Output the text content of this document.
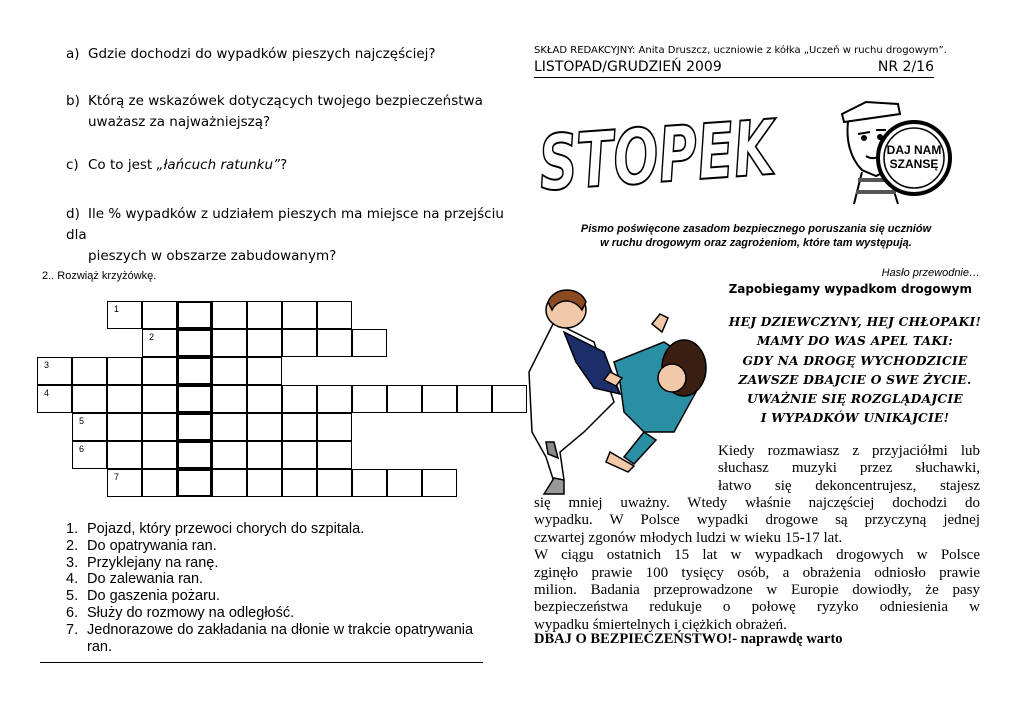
a) Gdzie dochodzi do wypadków pieszych najczęściej?
b) Którą ze wskazówek dotyczących twojego bezpieczeństwa
uważasz za najważniejszą?
c) Co to jest „łańcuch ratunku”?
d) Ile % wypadków z udziałem pieszych ma miejsce na przejściu dla
pieszych w obszarze zabudowanym?
2.. Rozwiąż krzyżówkę.
1
2
3
4
5
6
7
1. Pojazd, który przewoci chorych do szpitala.
2. Do opatrywania ran.
3. Przyklejany na ranę.
4. Do zalewania ran.
5. Do gaszenia pożaru.
6. Służy do rozmowy na odległość.
7. Jednorazowe do zakładania na dłonie w trakcie opatrywania
ran.
SKŁAD REDAKCYJNY: Anita Druszcz, uczniowie z kółka „Uczeń w ruchu drogowym”.
LISTOPAD/GRUDZIEŃ 2009	NR 2/16
STOPEK DAJ NAM
SZANSĘ
Pismo poświęcone zasadom bezpiecznego poruszania się uczniów
w ruchu drogowym oraz zagrożeniom, które tam występują.
Hasło przewodnie…
Zapobiegamy wypadkom drogowym
HEJ DZIEWCZYNY, HEJ CHŁOPAKI!
MAMY DO WAS APEL TAKI:
GDY NA DROGĘ WYCHODZICIE
ZAWSZE DBAJCIE O SWE ŻYCIE.
UWAŻNIE SIĘ ROZGLĄDAJCIE
I WYPADKÓW UNIKAJCIE!
Kiedy rozmawiasz z przyjaciółmi lub
słuchasz muzyki przez słuchawki,
łatwo się dekoncentrujesz, stajesz
się mniej uważny. Wtedy właśnie najczęściej dochodzi do
wypadku. W Polsce wypadki drogowe są przyczyną jednej
czwartej zgonów młodych ludzi w wieku 15-17 lat.
W ciągu ostatnich 15 lat w wypadkach drogowych w Polsce
zginęło prawie 100 tysięcy osób, a obrażenia odniosło prawie
milion. Badania przeprowadzone w Europie dowiodły, że pasy
bezpieczeństwa redukuje o połowę ryzyko odniesienia w
wypadku śmiertelnych i ciężkich obrażeń.
DBAJ O BEZPIECZEŃSTWO!- naprawdę warto
